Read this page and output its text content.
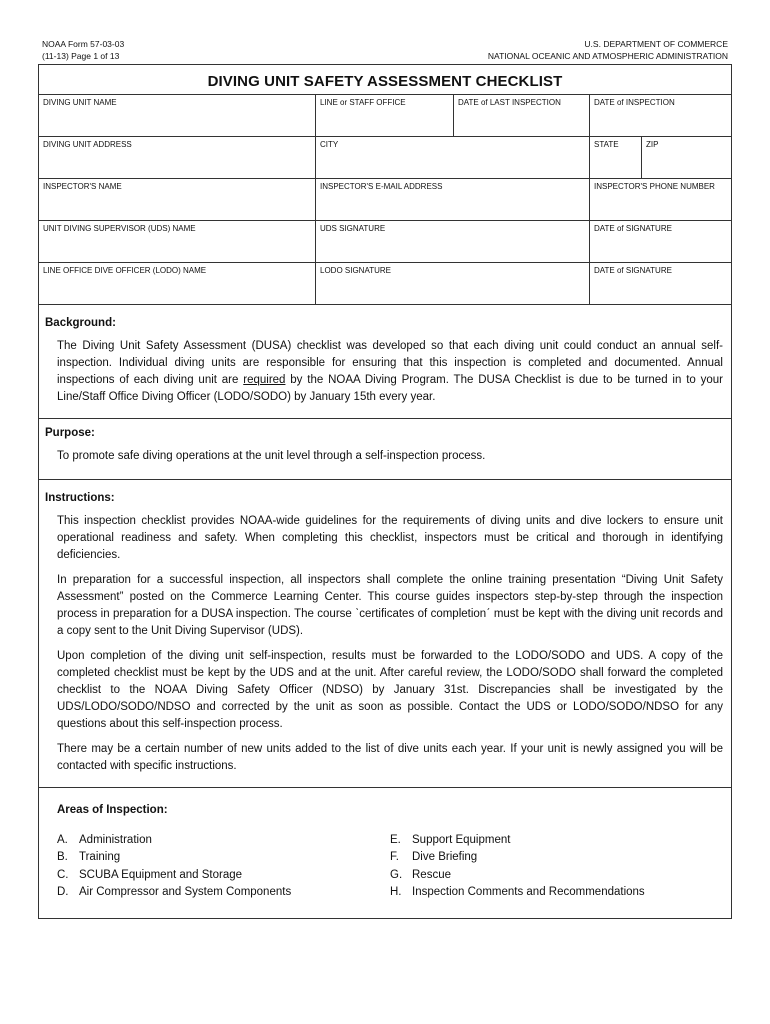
NOAA Form 57-03-03
(11-13) Page 1 of 13
U.S. DEPARTMENT OF COMMERCE
NATIONAL OCEANIC AND ATMOSPHERIC ADMINISTRATION
DIVING UNIT SAFETY ASSESSMENT CHECKLIST
DIVING UNIT NAME	LINE or STAFF OFFICE	DATE of LAST INSPECTION	DATE of INSPECTION
DIVING UNIT ADDRESS	CITY	STATE	ZIP
INSPECTOR'S NAME	INSPECTOR'S E-MAIL ADDRESS	INSPECTOR'S PHONE NUMBER
UNIT DIVING SUPERVISOR (UDS) NAME	UDS SIGNATURE	DATE of SIGNATURE
LINE OFFICE DIVE OFFICER (LODO) NAME	LODO SIGNATURE	DATE of SIGNATURE
Background:

The Diving Unit Safety Assessment (DUSA) checklist was developed so that each diving unit could conduct an annual self-inspection. Individual diving units are responsible for ensuring that this inspection is completed and documented. Annual inspections of each diving unit are required by the NOAA Diving Program. The DUSA Checklist is due to be turned in to your Line/Staff Office Diving Officer (LODO/SODO) by January 15th every year.

Purpose:

To promote safe diving operations at the unit level through a self-inspection process.

Instructions:

This inspection checklist provides NOAA-wide guidelines for the requirements of diving units and dive lockers to ensure unit operational readiness and safety. When completing this checklist, inspectors must be critical and thorough in identifying deficiencies.

In preparation for a successful inspection, all inspectors shall complete the online training presentation “Diving Unit Safety Assessment” posted on the Commerce Learning Center. This course guides inspectors step-by-step through the inspection process in preparation for a DUSA inspection. The course ˋcertificates of completionˊ must be kept with the diving unit records and a copy sent to the Unit Diving Supervisor (UDS).

Upon completion of the diving unit self-inspection, results must be forwarded to the LODO/SODO and UDS. A copy of the completed checklist must be kept by the UDS and at the unit. After careful review, the LODO/SODO shall forward the completed checklist to the NOAA Diving Safety Officer (NDSO) by January 31st. Discrepancies shall be investigated by the UDS/LODO/SODO/NDSO and corrected by the unit as soon as possible. Contact the UDS or LODO/SODO/NDSO for any questions about this self-inspection process.

There may be a certain number of new units added to the list of dive units each year. If your unit is newly assigned you will be contacted with specific instructions.

Areas of Inspection:
A. Administration
B. Training
C. SCUBA Equipment and Storage
D. Air Compressor and System Components
E. Support Equipment
F.	Dive Briefing
G. Rescue
H. Inspection Comments and Recommendations
